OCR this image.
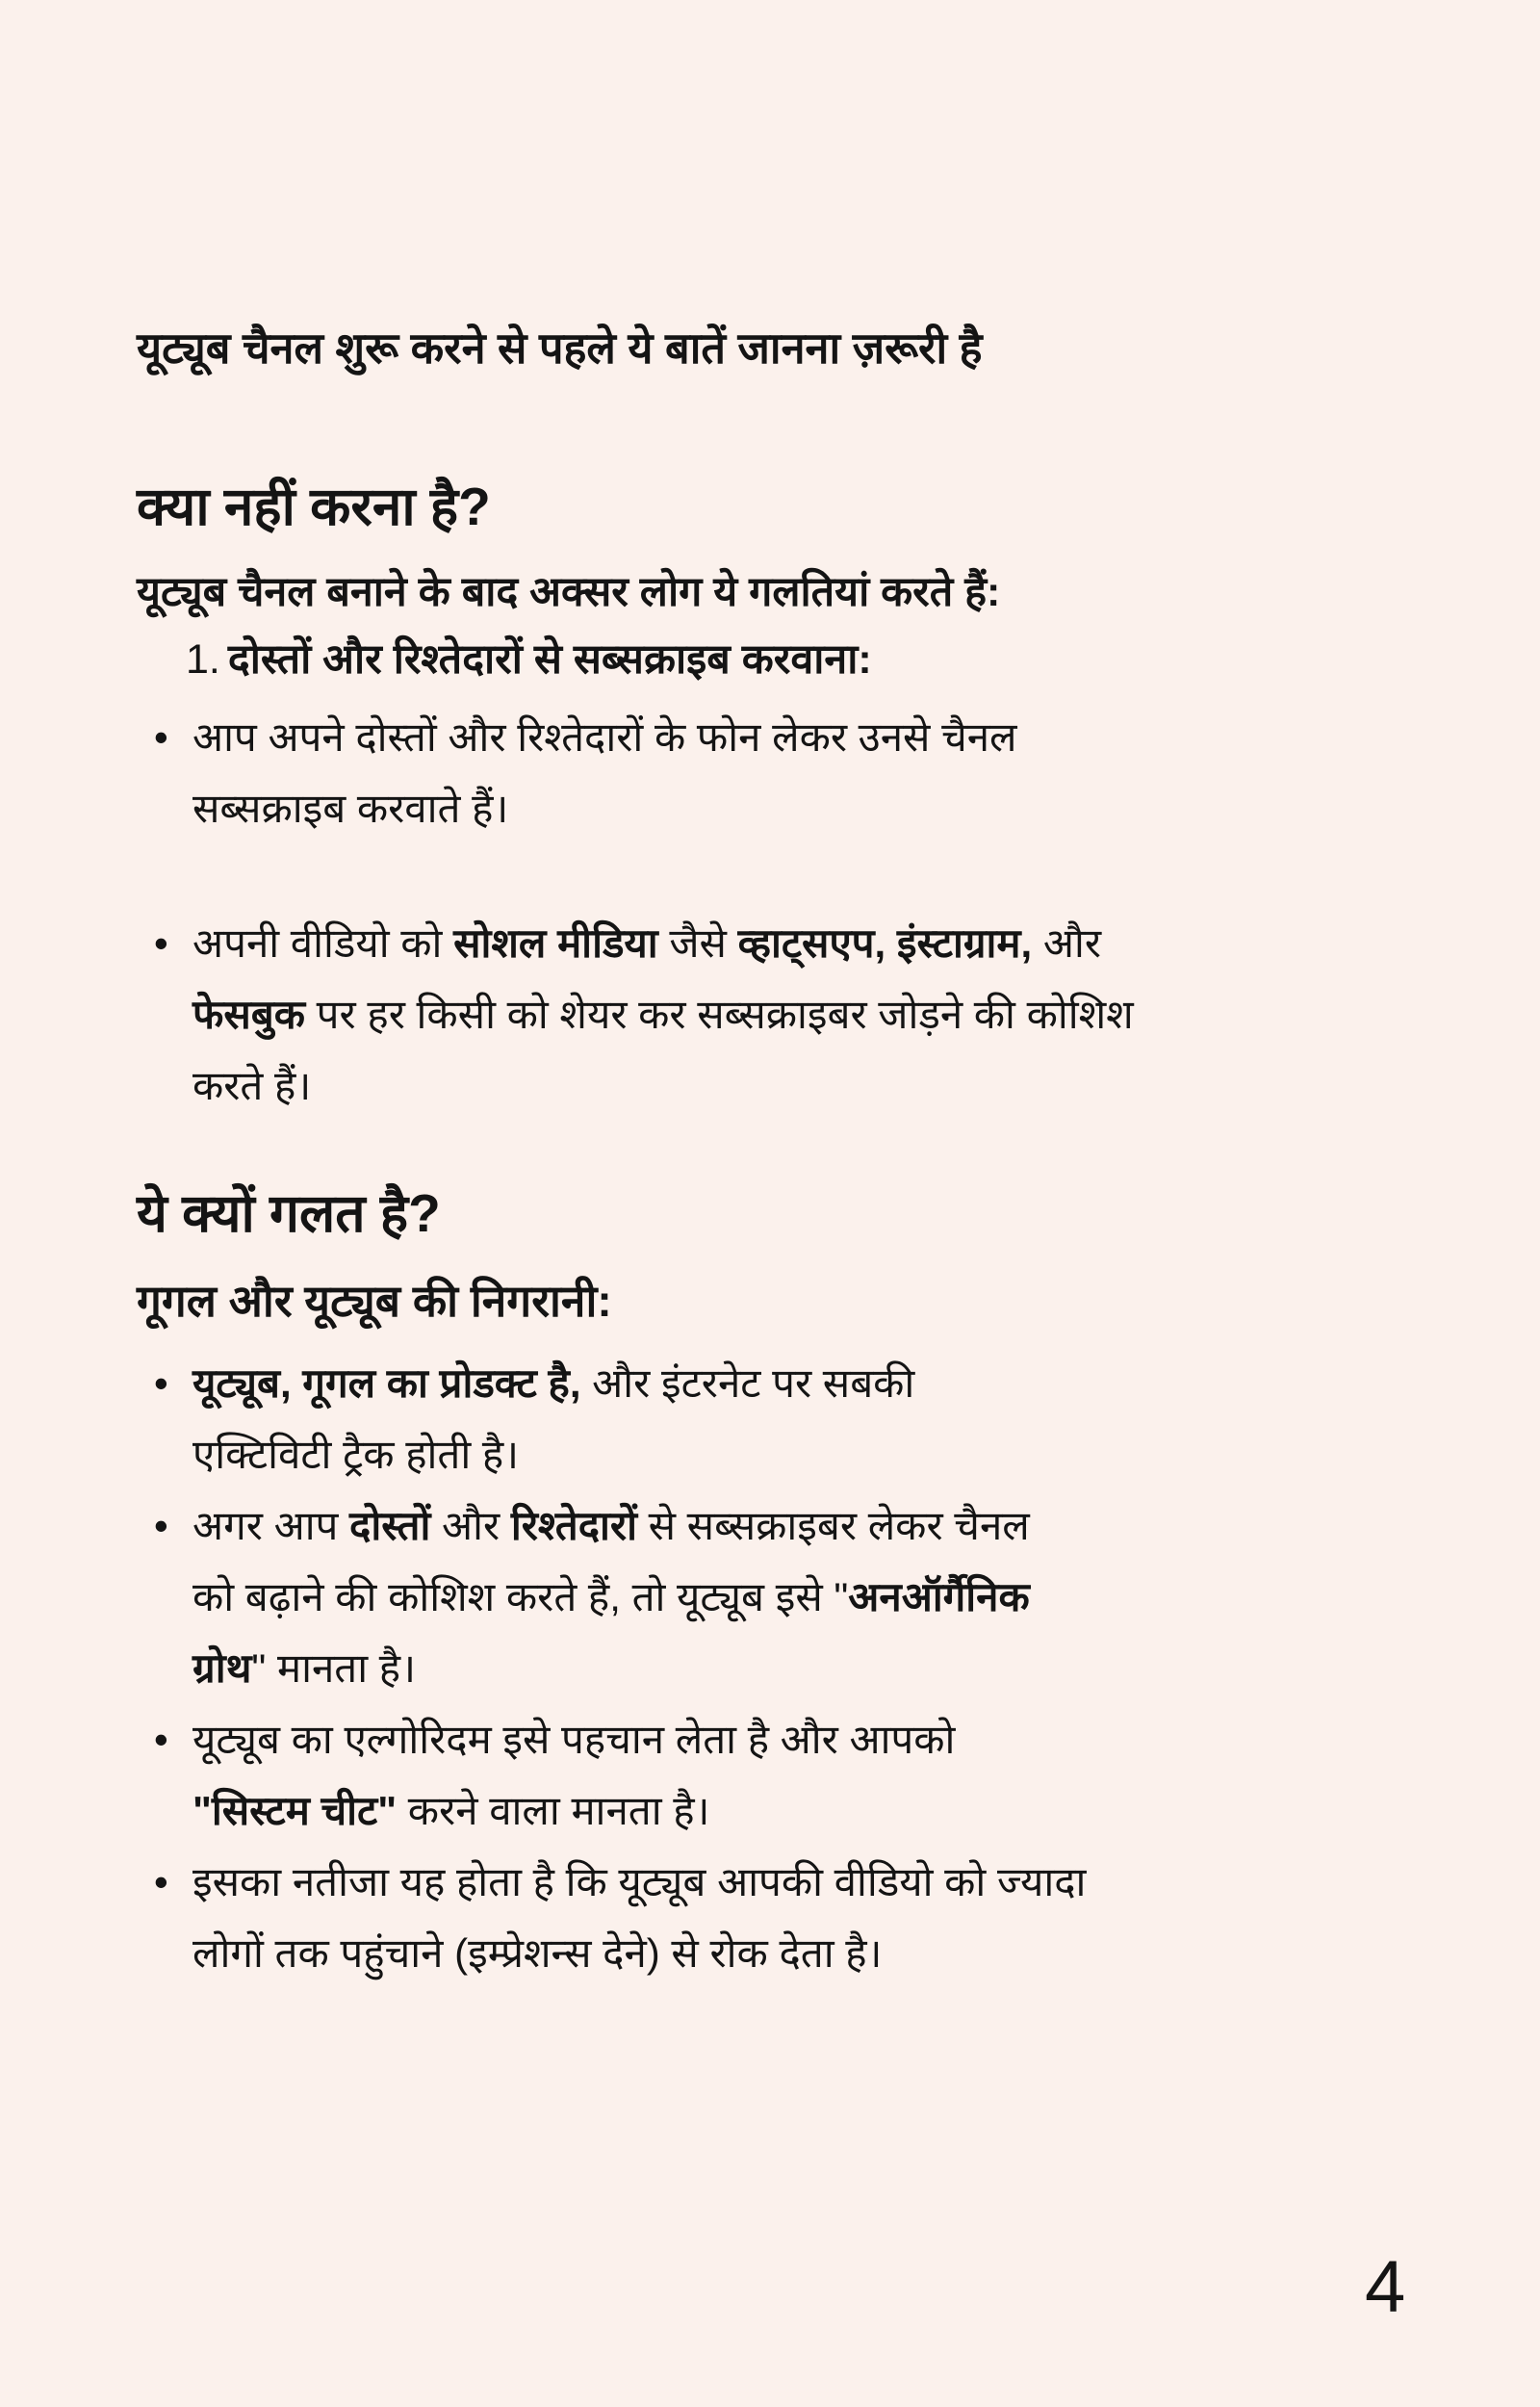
यूट्यूब चैनल शुरू करने से पहले ये बातें जानना ज़रूरी है

क्या नहीं करना है?

यूट्यूब चैनल बनाने के बाद अक्सर लोग ये गलतियां करते हैं:

1. दोस्तों और रिश्तेदारों से सब्सक्राइब करवाना:

• आप अपने दोस्तों और रिश्तेदारों के फोन लेकर उनसे चैनल
सब्सक्राइब करवाते हैं।
• अपनी वीडियो को सोशल मीडिया जैसे व्हाट्सएप, इंस्टाग्राम, और
फेसबुक पर हर किसी को शेयर कर सब्सक्राइबर जोड़ने की कोशिश
करते हैं।
ये क्यों गलत है?

गूगल और यूट्यूब की निगरानी:

• यूट्यूब, गूगल का प्रोडक्ट है, और इंटरनेट पर सबकी
एक्टिविटी ट्रैक होती है।
• अगर आप दोस्तों और रिश्तेदारों से सब्सक्राइबर लेकर चैनल
को बढ़ाने की कोशिश करते हैं, तो यूट्यूब इसे "अनऑर्गैनिक
ग्रोथ" मानता है।
• यूट्यूब का एल्गोरिदम इसे पहचान लेता है और आपको
"सिस्टम चीट" करने वाला मानता है।
• इसका नतीजा यह होता है कि यूट्यूब आपकी वीडियो को ज्यादा
लोगों तक पहुंचाने (इम्प्रेशन्स देने) से रोक देता है।
4
